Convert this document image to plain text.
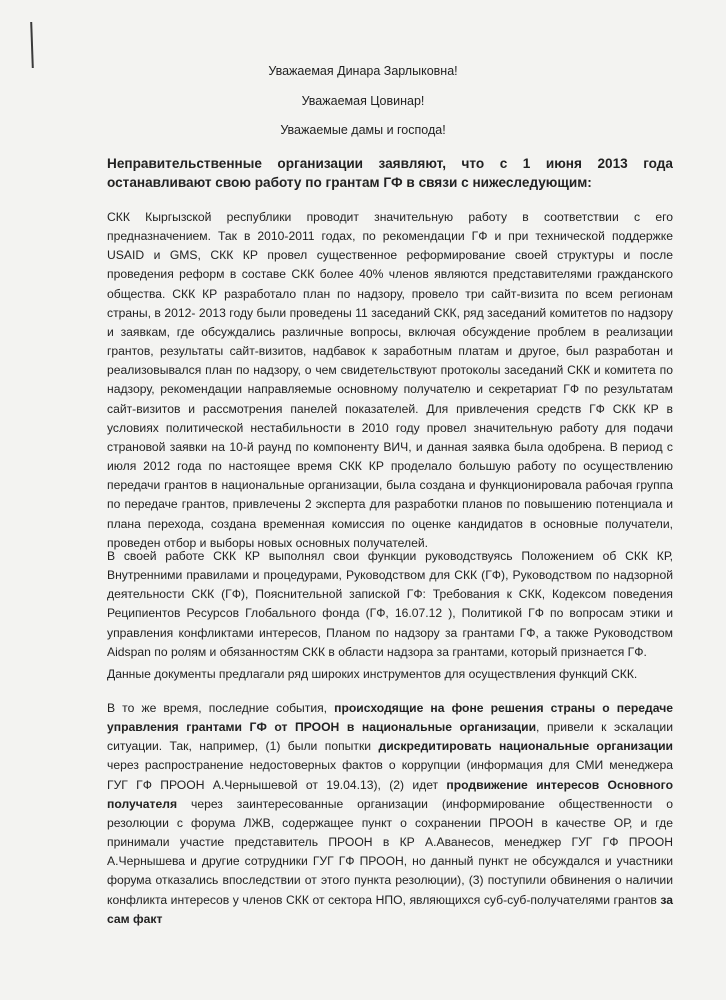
Уважаемая Динара Зарлыковна!
Уважаемая Цовинар!
Уважаемые дамы и господа!
Неправительственные организации заявляют, что с 1 июня 2013 года останавливают свою работу по грантам ГФ в связи с нижеследующим:
СКК Кыргызской республики проводит значительную работу в соответствии с его предназначением. Так в 2010-2011 годах, по рекомендации ГФ и при технической поддержке USAID и GMS, СКК КР провел существенное реформирование своей структуры и после проведения реформ в составе СКК более 40% членов являются представителями гражданского общества. СКК КР разработало план по надзору, провело три сайт-визита по всем регионам страны, в 2012- 2013 году были проведены 11 заседаний СКК, ряд заседаний комитетов по надзору и заявкам, где обсуждались различные вопросы, включая обсуждение проблем в реализации грантов, результаты сайт-визитов, надбавок к заработным платам и другое, был разработан и реализовывался план по надзору, о чем свидетельствуют протоколы заседаний СКК и комитета по надзору, рекомендации направляемые основному получателю и секретариат ГФ по результатам сайт-визитов и рассмотрения панелей показателей. Для привлечения средств ГФ СКК КР в условиях политической нестабильности в 2010 году провел значительную работу для подачи страновой заявки на 10-й раунд по компоненту ВИЧ, и данная заявка была одобрена. В период с июля 2012 года по настоящее время СКК КР проделало большую работу по осуществлению передачи грантов в национальные организации, была создана и функционировала рабочая группа по передаче грантов, привлечены 2 эксперта для разработки планов по повышению потенциала и плана перехода, создана временная комиссия по оценке кандидатов в основные получатели, проведен отбор и выборы новых основных получателей.
В своей работе СКК КР выполнял свои функции руководствуясь Положением об СКК КР, Внутренними правилами и процедурами, Руководством для СКК (ГФ), Руководством по надзорной деятельности СКК (ГФ), Пояснительной запиской ГФ: Требования к СКК, Кодексом поведения Реципиентов Ресурсов Глобального фонда (ГФ, 16.07.12 ), Политикой ГФ по вопросам этики и управления конфликтами интересов, Планом по надзору за грантами ГФ, а также Руководством Aidspan по ролям и обязанностям СКК в области надзора за грантами, который признается ГФ.
Данные документы предлагали ряд широких инструментов для осуществления функций СКК.
В то же время, последние события, происходящие на фоне решения страны о передаче управления грантами ГФ от ПРООН в национальные организации, привели к эскалации ситуации. Так, например, (1) были попытки дискредитировать национальные организации через распространение недостоверных фактов о коррупции (информация для СМИ менеджера ГУГ ГФ ПРООН А.Чернышевой от 19.04.13), (2) идет продвижение интересов Основного получателя через заинтересованные организации (информирование общественности о резолюции с форума ЛЖВ, содержащее пункт о сохранении ПРООН в качестве ОР, и где принимали участие представитель ПРООН в КР А.Аванесов, менеджер ГУГ ГФ ПРООН А.Чернышева и другие сотрудники ГУГ ГФ ПРООН, но данный пункт не обсуждался и участники форума отказались впоследствии от этого пункта резолюции), (3) поступили обвинения о наличии конфликта интересов у членов СКК от сектора НПО, являющихся суб-суб-получателями грантов за сам факт
